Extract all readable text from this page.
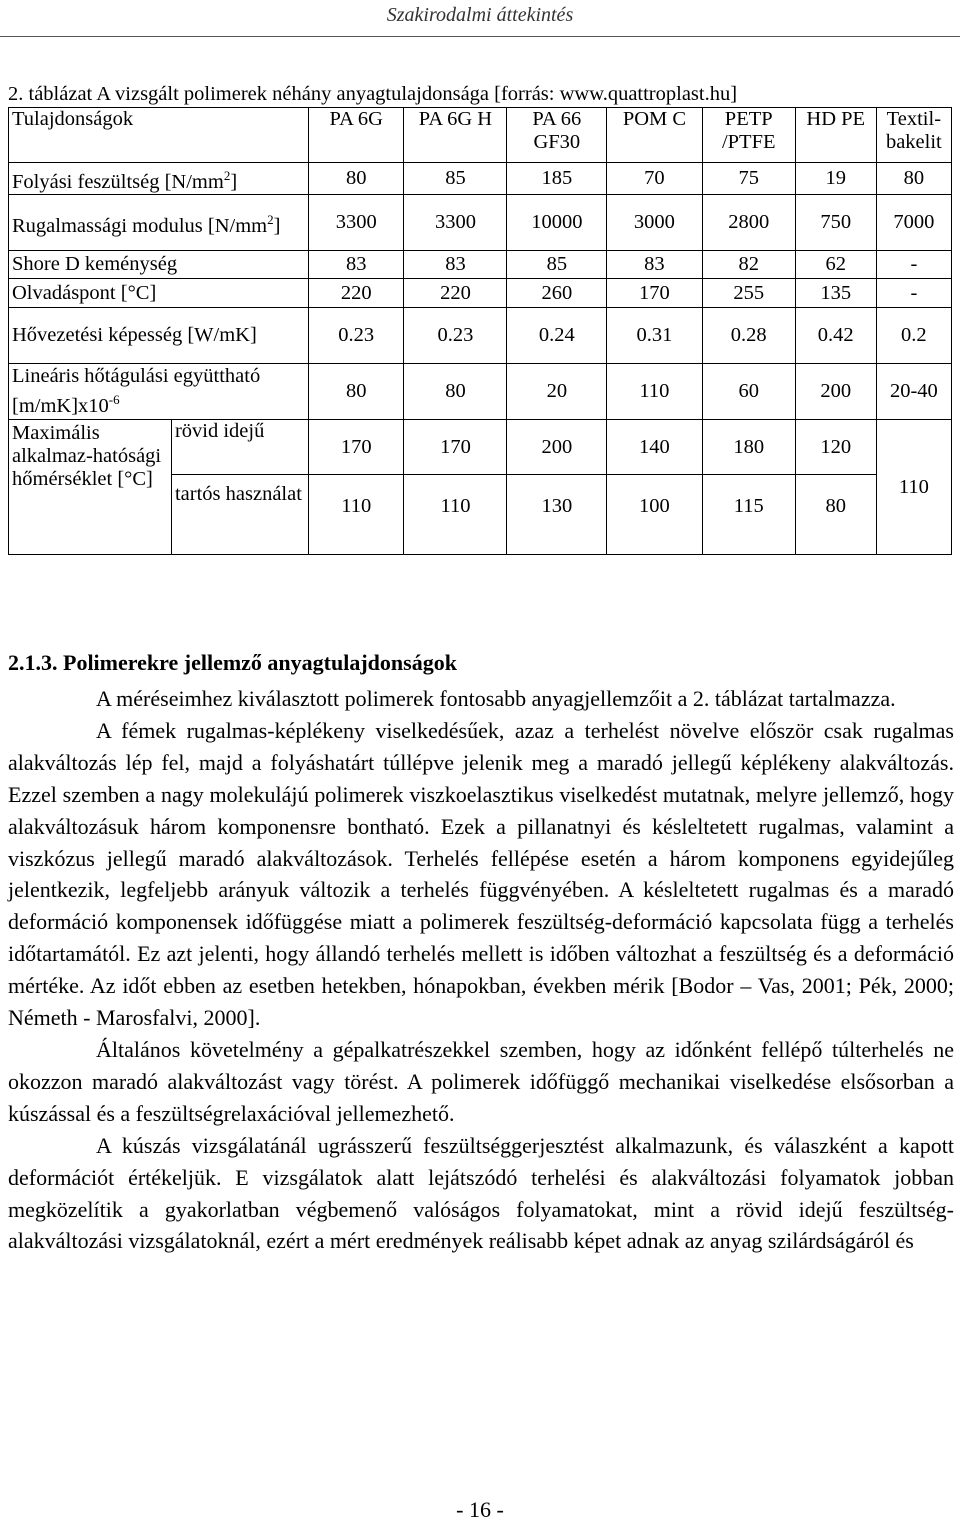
Szakirodalmi áttekintés
2. táblázat A vizsgált polimerek néhány anyagtulajdonsága [forrás: www.quattroplast.hu]
Tulajdonságok		PA 6G	PA 6G H	PA 66 GF30	POM C	PETP /PTFE	HD PE	Textil-bakelit
Folyási feszültség $[N/mm^2]$		80	85	185	70	75	19	80
Rugalmassági modulus $[N/mm^2]$		3300	3300	10000	3000	2800	750	7000
Shore D keménység		83	83	85	83	82	62	-
Olvadáspont [°C]		220	220	260	170	255	135	-
Hővezetési képesség [W/mK]		0.23	0.23	0.24	0.31	0.28	0.42	0.2
Lineáris hőtágulási együttható $[m/mK]x10^{-6}$		80	80	20	110	60	200	20-40
Maximális alkalmaz-hatósági hőmérséklet [°C]	rövid idejű	170	170	200	140	180	120	110
	tartós használat	110	110	130	100	115	80	
2.1.3. Polimerekre jellemző anyagtulajdonságok

A méréseimhez kiválasztott polimerek fontosabb anyagjellemzőit a 2. táblázat tartalmazza.

A fémek rugalmas-képlékeny viselkedésűek, azaz a terhelést növelve először csak rugalmas alakváltozás lép fel, majd a folyáshatárt túllépve jelenik meg a maradó jellegű képlékeny alakváltozás. Ezzel szemben a nagy molekulájú polimerek viszkoelasztikus viselkedést mutatnak, melyre jellemző, hogy alakváltozásuk három komponensre bontható. Ezek a pillanatnyi és késleltetett rugalmas, valamint a viszkózus jellegű maradó alakváltozások. Terhelés fellépése esetén a három komponens egyidejűleg jelentkezik, legfeljebb arányuk változik a terhelés függvényében. A késleltetett rugalmas és a maradó deformáció komponensek időfüggése miatt a polimerek feszültség-deformáció kapcsolata függ a terhelés időtartamától. Ez azt jelenti, hogy állandó terhelés mellett is időben változhat a feszültség és a deformáció mértéke. Az időt ebben az esetben hetekben, hónapokban, években mérik [Bodor – Vas, 2001; Pék, 2000; Németh - Marosfalvi, 2000].

Általános követelmény a gépalkatrészekkel szemben, hogy az időnként fellépő túlterhelés ne okozzon maradó alakváltozást vagy törést. A polimerek időfüggő mechanikai viselkedése elsősorban a kúszással és a feszültségrelaxációval jellemezhető.

A kúszás vizsgálatánál ugrásszerű feszültséggerjesztést alkalmazunk, és válaszként a kapott deformációt értékeljük. E vizsgálatok alatt lejátszódó terhelési és alakváltozási folyamatok jobban megközelítik a gyakorlatban végbemenő valóságos folyamatokat, mint a rövid idejű feszültség-alakváltozási vizsgálatoknál, ezért a mért eredmények reálisabb képet adnak az anyag szilárdságáról és

- 16 -
